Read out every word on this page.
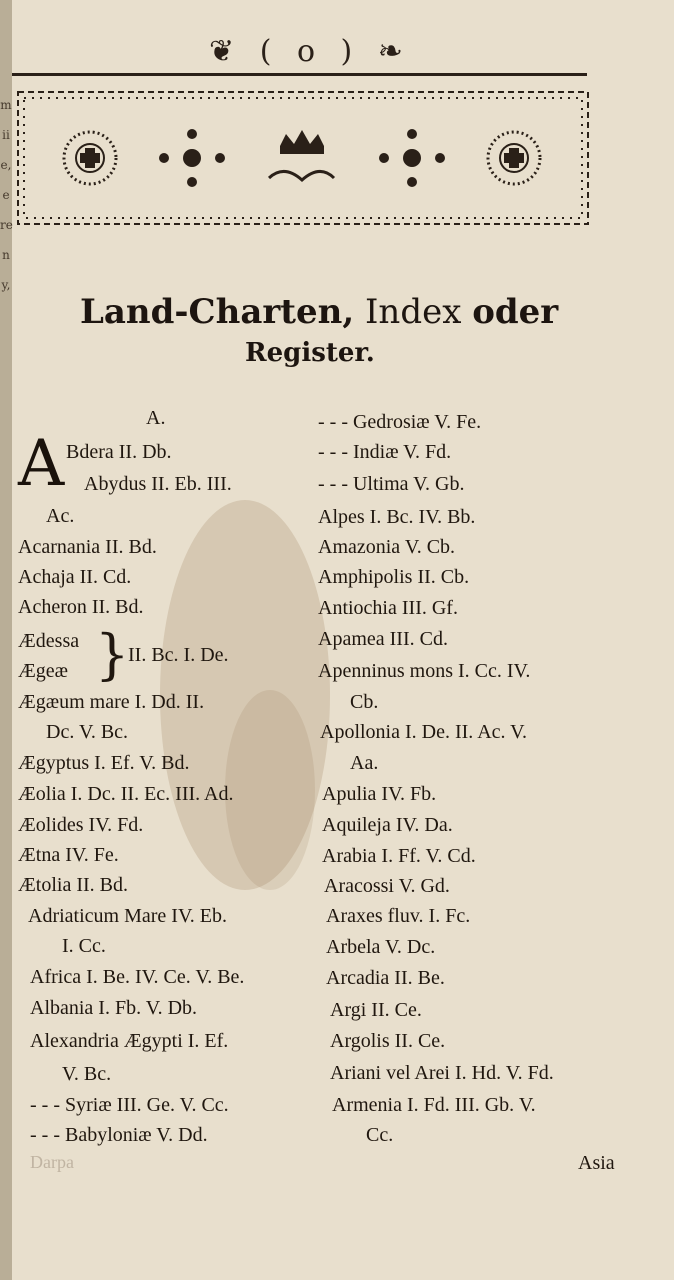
m
ii
e,
e
re
n
y,
❦ ( o ) ❧
Land-Charten, Index oder
Register.
A.
A Bdera II. Db.
Abydus II. Eb. III.
Ac.
Acarnania II. Bd.
Achaja II. Cd.
Acheron II. Bd.
Ædessa }
II. Bc. I. De.
Ægeæ
Ægæum mare I. Dd. II.
Dc. V. Bc.
Ægyptus I. Ef. V. Bd.
Æolia I. Dc. II. Ec. III. Ad.
Æolides IV. Fd.
Ætna IV. Fe.
Ætolia II. Bd.
Adriaticum Mare IV. Eb.
I. Cc.
Africa I. Be. IV. Ce. V. Be.
Albania I. Fb. V. Db.
Alexandria Ægypti I. Ef.
V. Bc.
- - - Syriæ III. Ge. V. Cc.
- - - Babyloniæ V. Dd.
- - - Gedrosiæ V. Fe.
- - - Indiæ V. Fd.
- - - Ultima V. Gb.
Alpes I. Bc. IV. Bb.
Amazonia V. Cb.
Amphipolis II. Cb.
Antiochia III. Gf.
Apamea III. Cd.
Apenninus mons I. Cc. IV.
Cb.
Apollonia I. De. II. Ac. V.
Aa.
Apulia IV. Fb.
Aquileja IV. Da.
Arabia I. Ff. V. Cd.
Aracossi V. Gd.
Araxes fluv. I. Fc.
Arbela V. Dc.
Arcadia II. Be.
Argi II. Ce.
Argolis II. Ce.
Ariani vel Arei I. Hd. V. Fd.
Armenia I. Fd. III. Gb. V.
Cc.
Darpa	Asia
